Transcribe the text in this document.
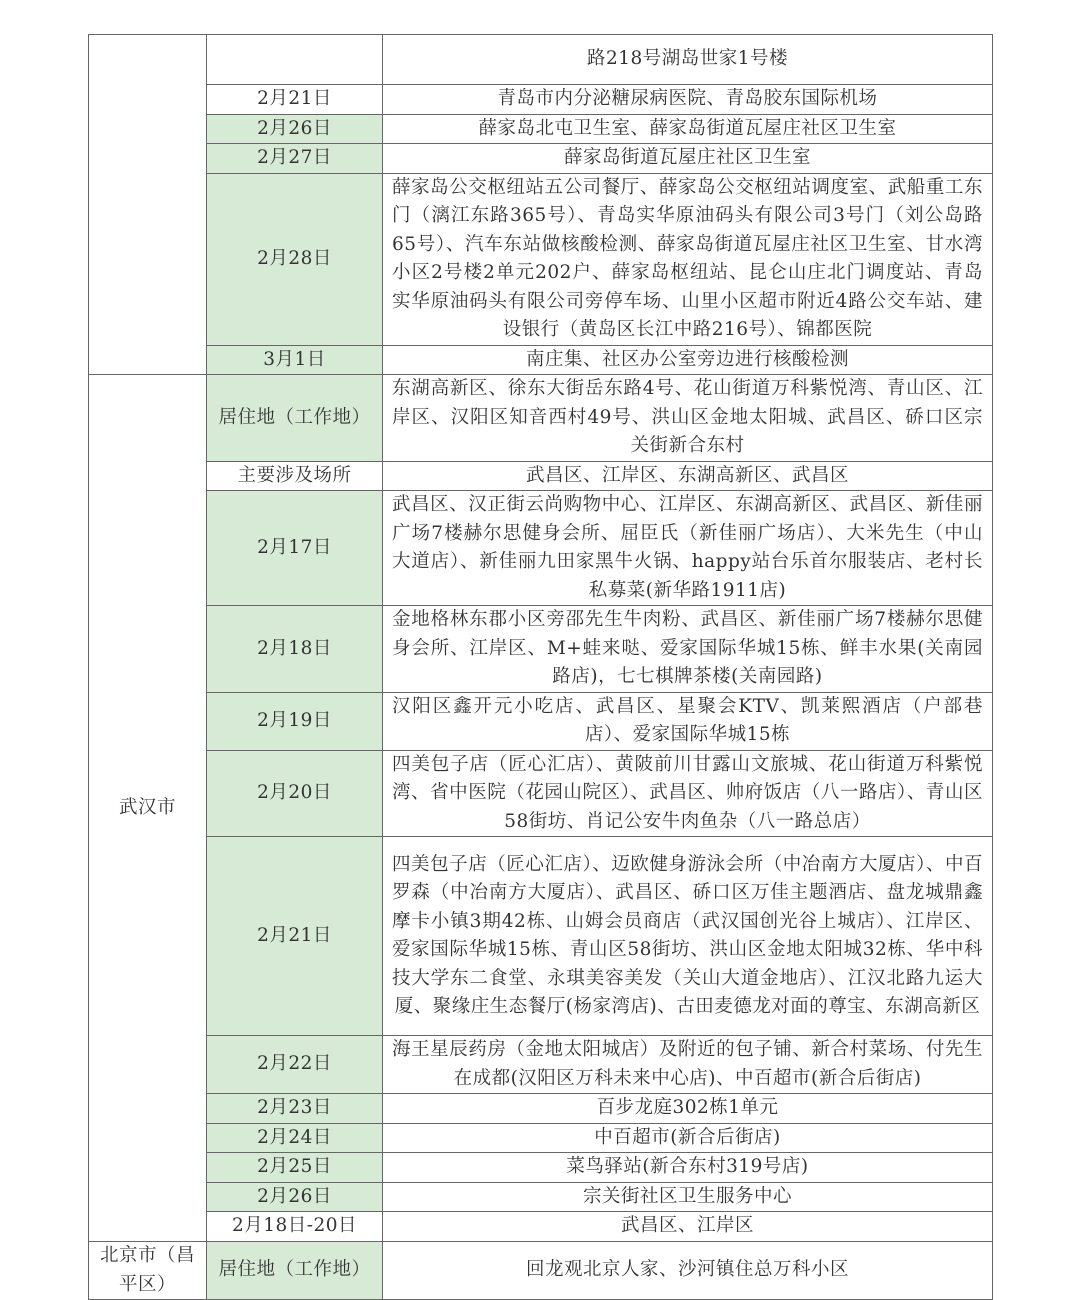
		路218号湖岛世家1号楼
	2月21日	青岛市内分泌糖尿病医院、青岛胶东国际机场
	2月26日	薛家岛北屯卫生室、薛家岛街道瓦屋庄社区卫生室
	2月27日	薛家岛街道瓦屋庄社区卫生室
	2月28日	薛家岛公交枢纽站五公司餐厅、薛家岛公交枢纽站调度室、武船重工东门（漓江东路365号）、青岛实华原油码头有限公司3号门（刘公岛路65号）、汽车东站做核酸检测、薛家岛街道瓦屋庄社区卫生室、甘水湾小区2号楼2单元202户、薛家岛枢纽站、昆仑山庄北门调度站、青岛实华原油码头有限公司旁停车场、山里小区超市附近4路公交车站、建设银行（黄岛区长江中路216号）、锦都医院
	3月1日	南庄集、社区办公室旁边进行核酸检测
武汉市	居住地（工作地）	东湖高新区、徐东大街岳东路4号、花山街道万科紫悦湾、青山区、江岸区、汉阳区知音西村49号、洪山区金地太阳城、武昌区、硚口区宗关街新合东村
	主要涉及场所	武昌区、江岸区、东湖高新区、武昌区
	2月17日	武昌区、汉正街云尚购物中心、江岸区、东湖高新区、武昌区、新佳丽广场7楼赫尔思健身会所、屈臣氏（新佳丽广场店）、大米先生（中山大道店）、新佳丽九田家黑牛火锅、happy站台乐首尔服装店、老村长私募菜(新华路1911店)
	2月18日	金地格林东郡小区旁邵先生牛肉粉、武昌区、新佳丽广场7楼赫尔思健身会所、江岸区、M+蛙来哒、爱家国际华城15栋、鲜丰水果(关南园路店)，七七棋牌茶楼(关南园路)
	2月19日	汉阳区鑫开元小吃店、武昌区、星聚会KTV、凯莱熙酒店（户部巷店）、爱家国际华城15栋
	2月20日	四美包子店（匠心汇店）、黄陂前川甘露山文旅城、花山街道万科紫悦湾、省中医院（花园山院区）、武昌区、帅府饭店（八一路店）、青山区58街坊、肖记公安牛肉鱼杂（八一路总店）
	2月21日	四美包子店（匠心汇店）、迈欧健身游泳会所（中冶南方大厦店）、中百罗森（中冶南方大厦店）、武昌区、硚口区万佳主题酒店、盘龙城鼎鑫摩卡小镇3期42栋、山姆会员商店（武汉国创光谷上城店）、江岸区、爱家国际华城15栋、青山区58街坊、洪山区金地太阳城32栋、华中科技大学东二食堂、永琪美容美发（关山大道金地店）、江汉北路九运大厦、聚缘庄生态餐厅(杨家湾店)、古田麦德龙对面的尊宝、东湖高新区
	2月22日	海王星辰药房（金地太阳城店）及附近的包子铺、新合村菜场、付先生在成都(汉阳区万科未来中心店)、中百超市(新合后街店)
	2月23日	百步龙庭302栋1单元
	2月24日	中百超市(新合后街店)
	2月25日	菜鸟驿站(新合东村319号店)
	2月26日	宗关街社区卫生服务中心
	2月18日-20日	武昌区、江岸区
北京市（昌平区）	居住地（工作地）	回龙观北京人家、沙河镇住总万科小区
